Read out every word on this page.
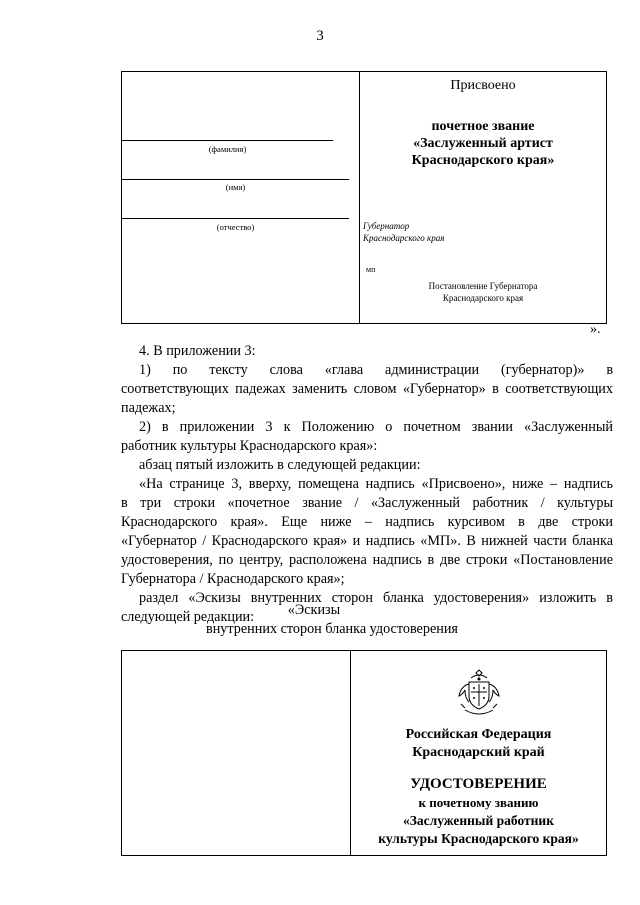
3
(фамилия)
(имя)
(отчество)
Присвоено
почетное звание
«Заслуженный артист
Краснодарского края»
Губернатор
Краснодарского края
мп
Постановление Губернатора
Краснодарского края
».
4. В приложении 3:
1) по тексту слова «глава администрации (губернатор)» в
соответствующих падежах заменить словом «Губернатор» в соответствующих
падежах;
2) в приложении 3 к Положению о почетном звании «Заслуженный
работник культуры Краснодарского края»:
абзац пятый изложить в следующей редакции:
«На странице 3, вверху, помещена надпись «Присвоено», ниже – надпись
в три строки «почетное звание / «Заслуженный работник / культуры
Краснодарского края». Еще ниже – надпись курсивом в две строки
«Губернатор / Краснодарского края» и надпись «МП». В нижней части бланка
удостоверения, по центру, расположена надпись в две строки «Постановление
Губернатора / Краснодарского края»;
раздел «Эскизы внутренних сторон бланка удостоверения» изложить в
следующей редакции:	«Эскизы
внутренних сторон бланка удостоверения
Российская Федерация
Краснодарский край
УДОСТОВЕРЕНИЕ
к почетному званию
«Заслуженный работник
культуры Краснодарского края»
